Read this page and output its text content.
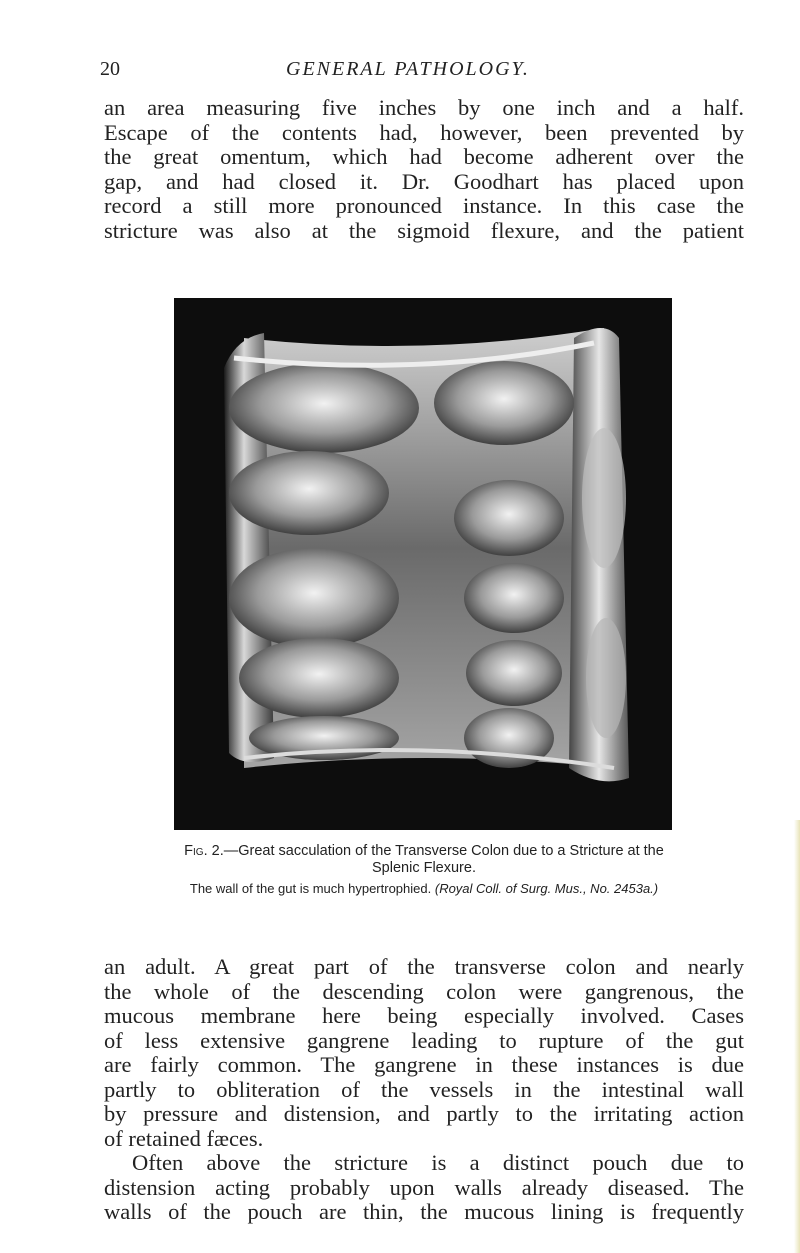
20	GENERAL PATHOLOGY.

an area measuring five inches by one inch and a half.
Escape of the contents had, however, been prevented by
the great omentum, which had become adherent over the
gap, and had closed it. Dr. Goodhart has placed upon
record a still more pronounced instance. In this case the
stricture was also at the sigmoid flexure, and the patient

Fig. 2.—Great sacculation of the Transverse Colon due to a Stricture at the
Splenic Flexure.
The wall of the gut is much hypertrophied. (Royal Coll. of Surg. Mus., No. 2453a.)

an adult. A great part of the transverse colon and nearly
the whole of the descending colon were gangrenous, the
mucous membrane here being especially involved. Cases
of less extensive gangrene leading to rupture of the gut
are fairly common. The gangrene in these instances is due
partly to obliteration of the vessels in the intestinal wall
by pressure and distension, and partly to the irritating action
of retained fæces.
Often above the stricture is a distinct pouch due to
distension acting probably upon walls already diseased. The
walls of the pouch are thin, the mucous lining is frequently
